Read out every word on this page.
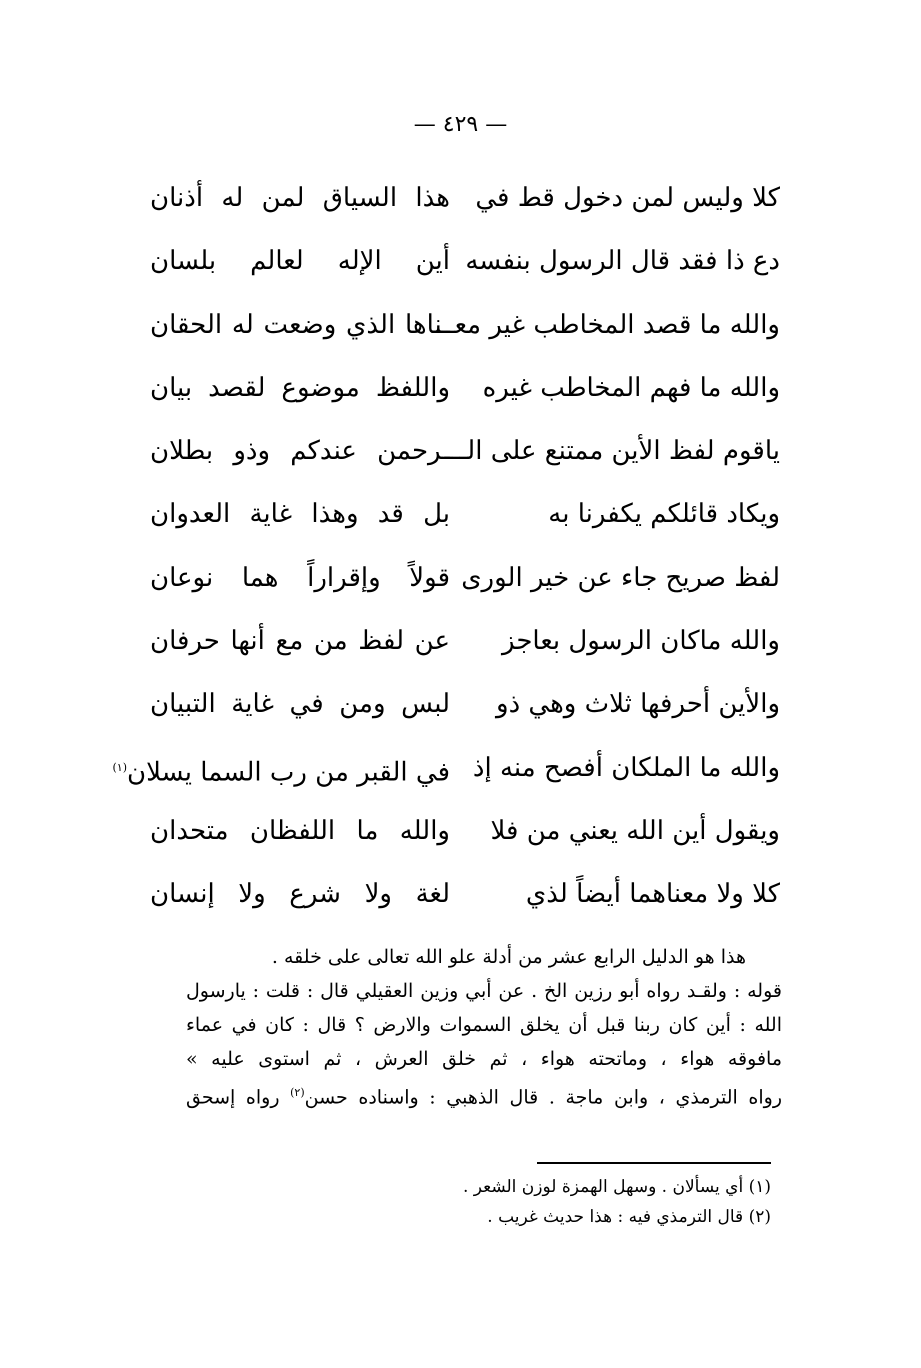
— ٤٢٩ —
كلا وليس لمن دخول قط في
هذا السياق لمن له أذنان
دع ذا فقد قال الرسول بنفسه
أين الإله لعالم بلسان
والله ما قصد المخاطب غير معـــ
ـناها الذي وضعت له الحقان
والله ما فهم المخاطب غيره
واللفظ موضوع لقصد بيان
ياقوم لفظ الأين ممتنع على الـــ
ـرحمن عندكم وذو بطلان
ويكاد قائلكم يكفرنا به
بل قد وهذا غاية العدوان
لفظ صريح جاء عن خير الورى
قولاً وإقراراً هما نوعان
والله ماكان الرسول بعاجز
عن لفظ من مع أنها حرفان
والأين أحرفها ثلاث وهي ذو
لبس ومن في غاية التبيان
والله ما الملكان أفصح منه إذ
في القبر من رب السما يسلان$^{(١)}$
ويقول أين الله يعني من فلا
والله ما اللفظان متحدان
كلا ولا معناهما أيضاً لذي
لغة ولا شرع ولا إنسان

هذا هو الدليل الرابع عشر من أدلة علو الله تعالى على خلقه .

قوله : ولقـد رواه أبو رزين الخ . عن أبي وزين العقيلي قال : قلت : يارسول الله : أين كان ربنا قبل أن يخلق السموات والارض ؟ قال : كان في عماء مافوقه هواء ، وماتحته هواء ، ثم خلق العرش ، ثم استوى عليه »

رواه الترمذي ، وابن ماجة . قال الذهبي : واسناده حسن$^{(٢)}$ رواه إسحق

(١) أي يسألان . وسهل الهمزة لوزن الشعر .

(٢) قال الترمذي فيه : هذا حديث غريب .
